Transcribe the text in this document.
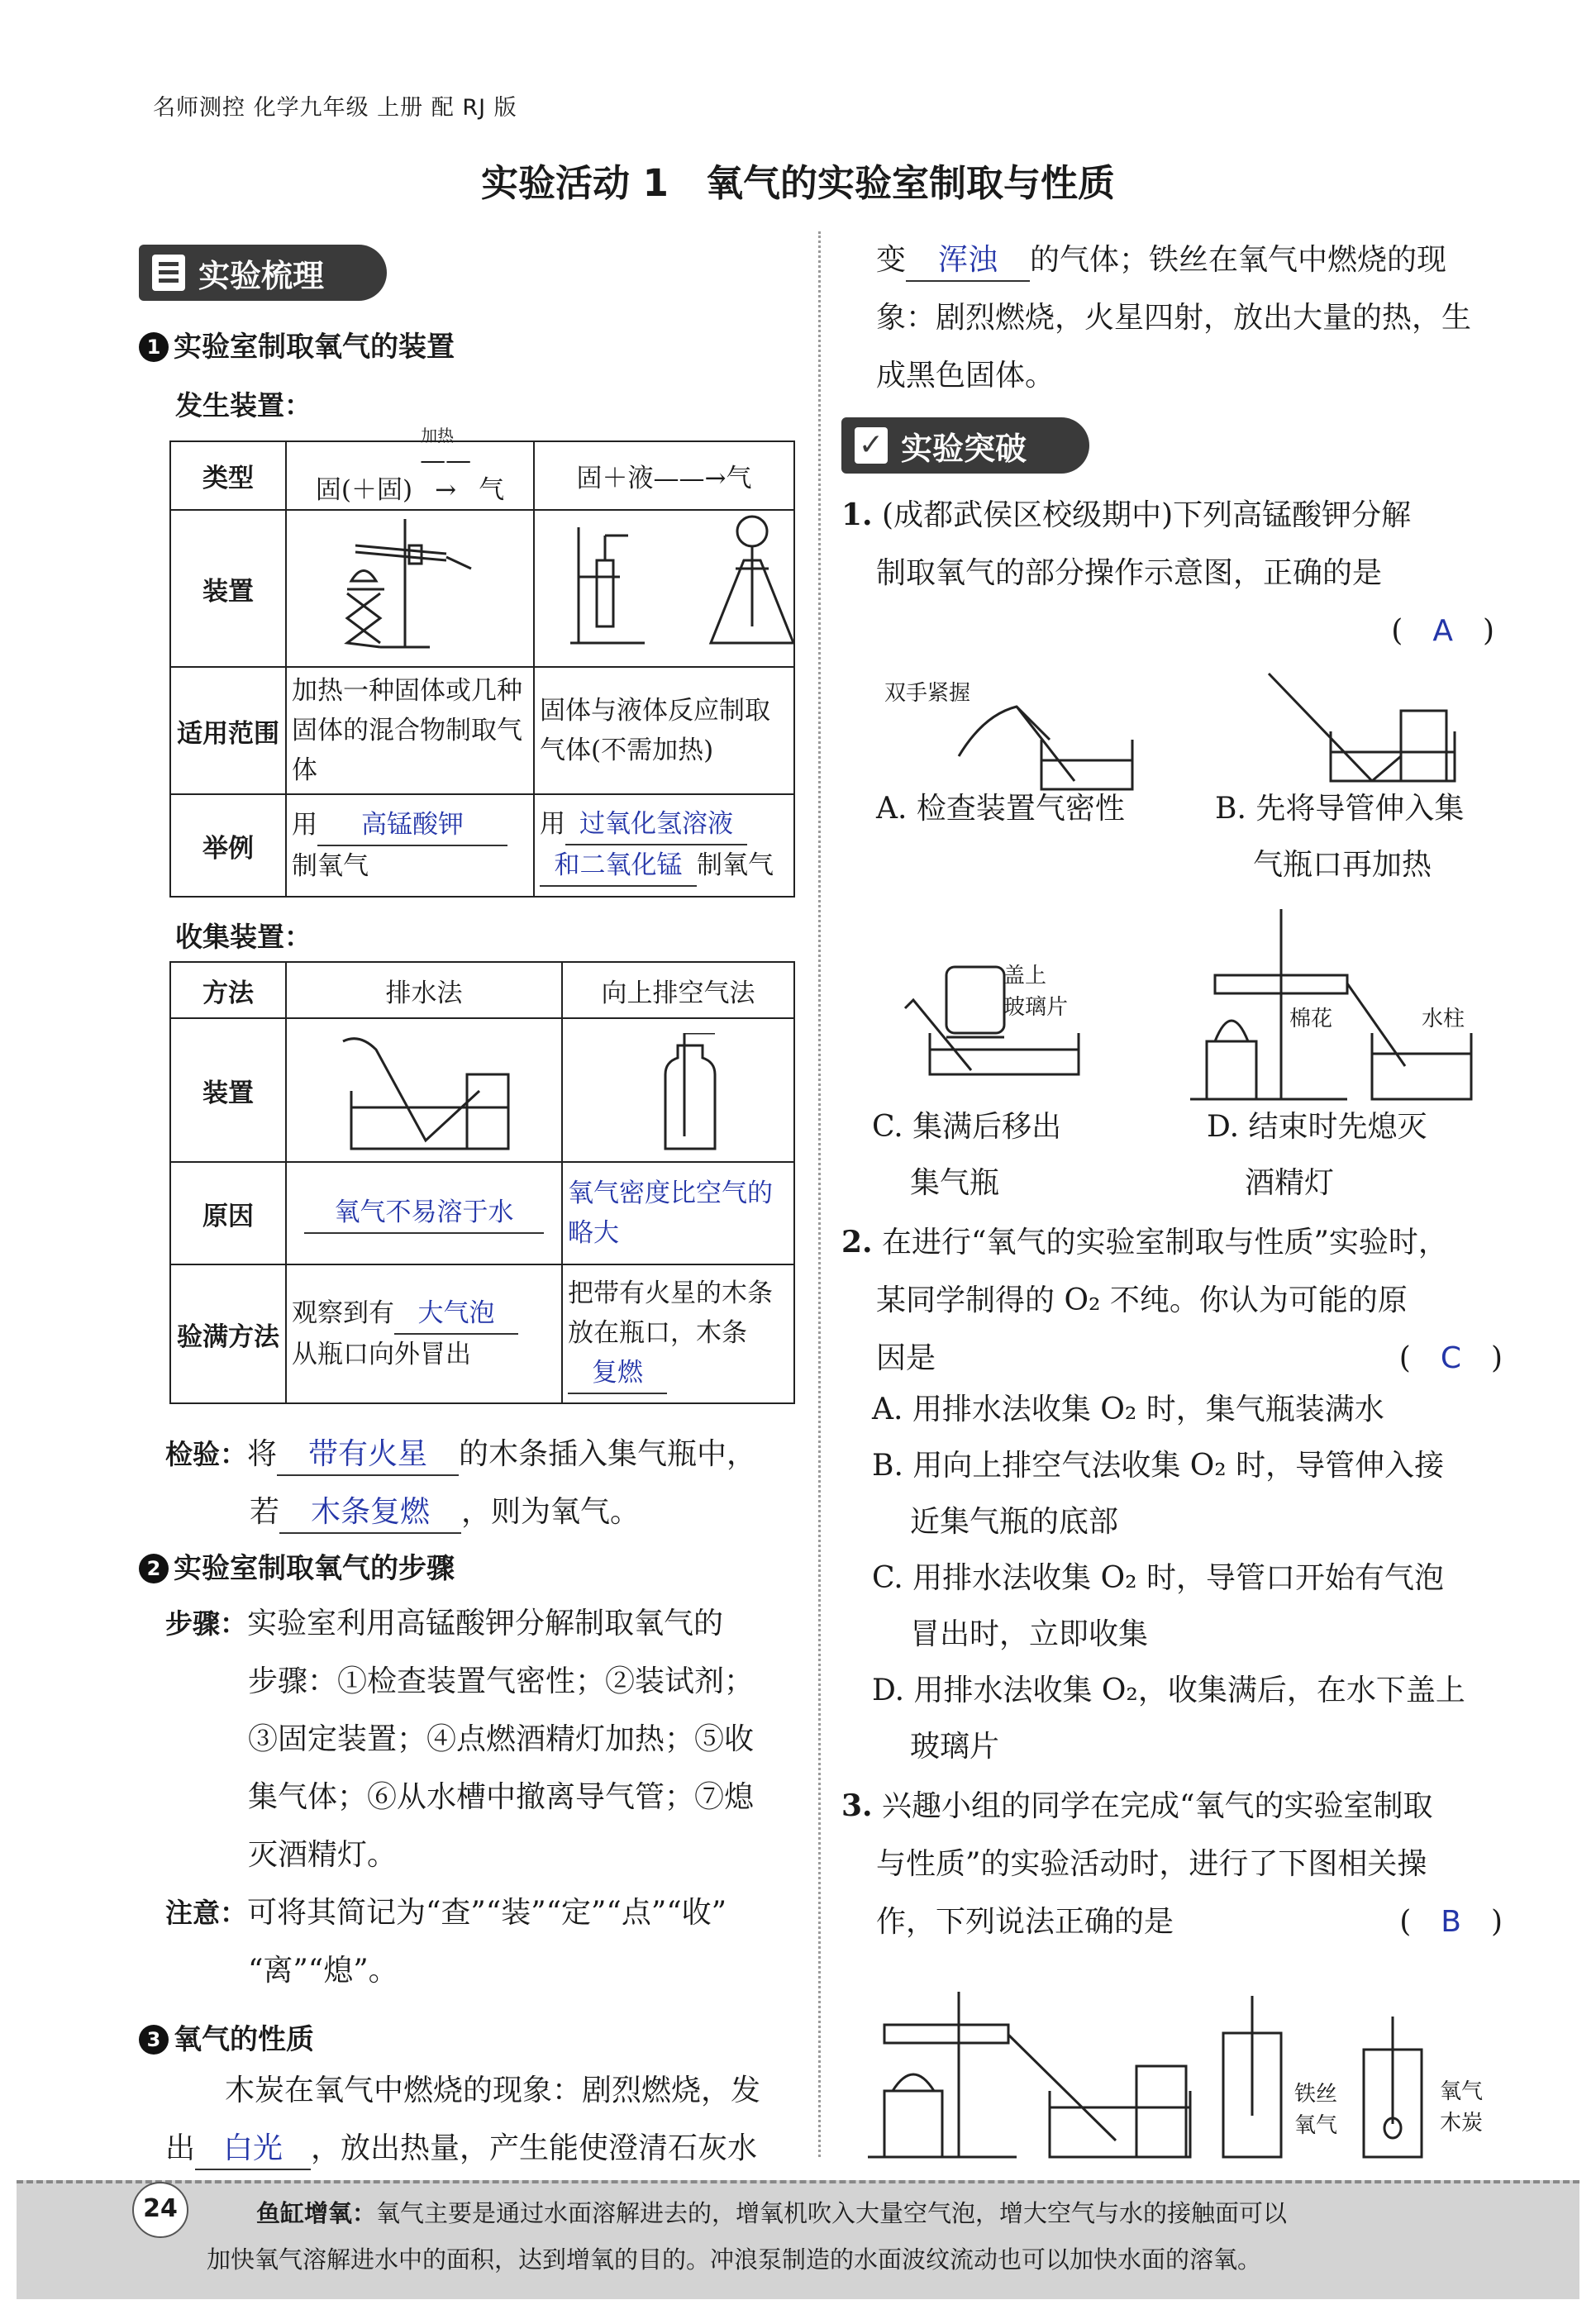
名师测控 化学九年级 上册 配 RJ 版
实验活动 1　氧气的实验室制取与性质
实验梳理
1 实验室制取氧气的装置
发生装置：
类型	固(＋固)
加热
——→ 气	固＋液——→气
装置	

适用范围	加热一种固体或几种固体的混合物制取气体	固体与液体反应制取气体(不需加热)
举例	用 高锰酸钾
制氧气	用 过氧化氢溶液
和二氧化锰 制氧气
收集装置：
方法	排水法	向上排空气法
装置	

原因	氧气不易溶于水	氧气密度比空气的略大
验满方法	观察到有 大气泡
从瓶口向外冒出	把带有火星的木条放在瓶口，木条复燃
检验：将 带有火星 的木条插入集气瓶中，
若 木条复燃 ，则为氧气。
2 实验室制取氧气的步骤
步骤：实验室利用高锰酸钾分解制取氧气的
步骤：①检查装置气密性；②装试剂；
③固定装置；④点燃酒精灯加热；⑤收
集气体；⑥从水槽中撤离导气管；⑦熄
灭酒精灯。
注意：可将其简记为“查”“装”“定”“点”“收”
“离”“熄”。
3 氧气的性质
木炭在氧气中燃烧的现象：剧烈燃烧，发
出 白光 ，放出热量，产生能使澄清石灰水
变 浑浊 的气体；铁丝在氧气中燃烧的现
象：剧烈燃烧，火星四射，放出大量的热，生
成黑色固体。
✓ 实验突破
1. (成都武侯区校级期中)下列高锰酸钾分解
制取氧气的部分操作示意图，正确的是
(　A　)
双手紧握
A. 检查装置气密性	B. 先将导管伸入集
气瓶口再加热
盖上
玻璃片
C. 集满后移出
集气瓶
棉花	水柱
D. 结束时先熄灭
酒精灯
2. 在进行“氧气的实验室制取与性质”实验时，
某同学制得的 O₂ 不纯。你认为可能的原
因是	(　C　)
A. 用排水法收集 O₂ 时，集气瓶装满水
B. 用向上排空气法收集 O₂ 时，导管伸入接
近集气瓶的底部
C. 用排水法收集 O₂ 时，导管口开始有气泡
冒出时，立即收集
D. 用排水法收集 O₂，收集满后，在水下盖上
玻璃片
3. 兴趣小组的同学在完成“氧气的实验室制取
与性质”的实验活动时，进行了下图相关操
作，下列说法正确的是	(　B　)
铁丝
氧气
氧气
木炭
24	鱼缸增氧：氧气主要是通过水面溶解进去的，增氧机吹入大量空气泡，增大空气与水的接触面可以
加快氧气溶解进水中的面积，达到增氧的目的。冲浪泵制造的水面波纹流动也可以加快水面的溶氧。
